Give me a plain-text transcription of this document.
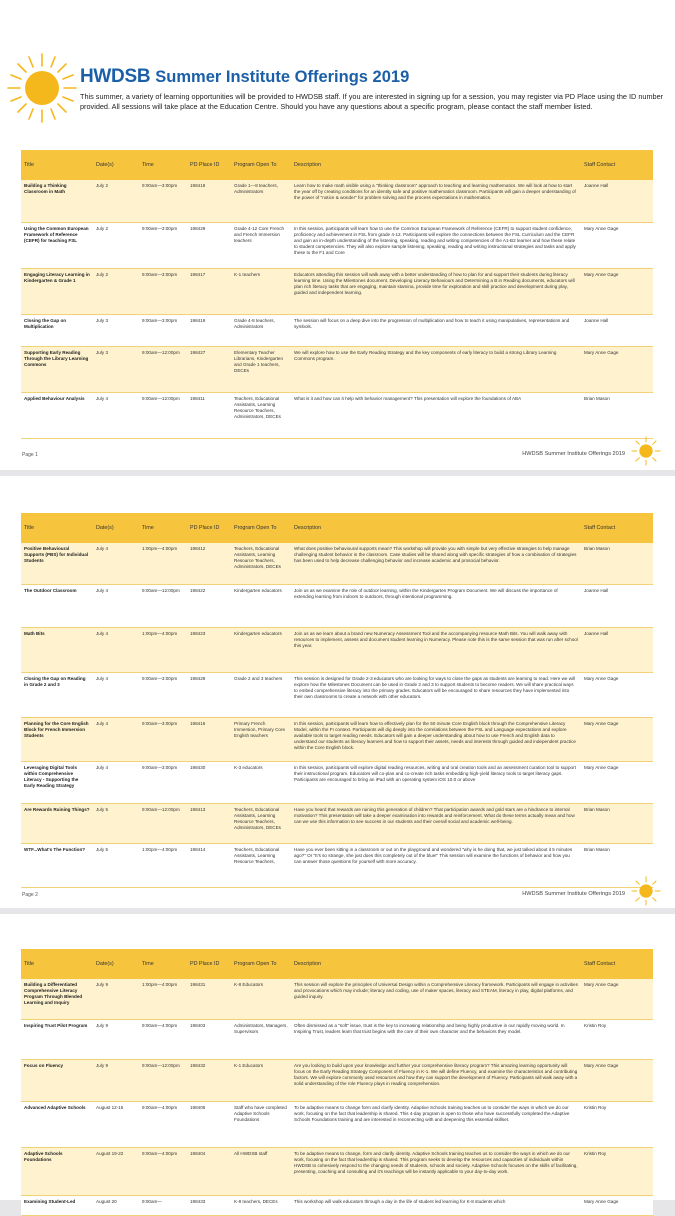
HWDSB Summer Institute Offerings 2019
This summer, a variety of learning opportunities will be provided to HWDSB staff. If you are interested in signing up for a session, you may register via PD Place using the ID number provided. All sessions will take place at the Education Centre. Should you have any questions about a specific program, please contact the staff member listed.
Title	Date(s)	Time	PD Place ID	Program Open To	Description	Staff Contact
Building a Thinking Classroom in Math	July 2	9:00am—3:00pm	198418	Grade 1—8 teachers, Administrators	Learn how to make math visible using a "thinking classroom" approach to teaching and learning mathematics. We will look at how to start the year off by creating conditions for an identity safe and positive mathematics classroom. Participants will gain a deeper understanding of the power of "notice & wonder" for problem solving and the process expectations in mathematics.	Joanne Hall
Using the Common European Framework of Reference (CEFR) for teaching FSL	July 2	9:00am—3:00pm	198429	Grade 4-12 Core French and French Immersion teachers	In this session, participants will learn how to use the Common European Framework of Reference (CEFR) to support student confidence, proficiency and achievement in FSL from grade 4-12. Participants will explore the connections between the FSL Curriculum and the CEFR and gain an in-depth understanding of the listening, speaking, reading and writing competencies of the A1-B2 learner and how these relate to student competencies. They will also explore sample listening, speaking, reading and writing instructional strategies and tasks and apply these to the F1 and Core	Mary Anne Gage
Engaging Literacy Learning in Kindergarten & Grade 1	July 2	9:00am—3:00pm	198417	K-1 teachers	Educators attending this session will walk away with a better understanding of how to plan for and support their students during literacy learning time. Using the Milestones document, Developing Literacy Behaviours and Determining a B in Reading documents, educators will plan rich literacy tasks that are engaging, maintain stamina, provide time for exploration and skill practice and development during play, guided and independent learning.	Mary Anne Gage
Closing the Gap on Multiplication	July 3	9:00am—3:00pm	198419	Grade 4-8 teachers, Administrators	The session will focus on a deep dive into the progression of multiplication and how to teach it using manipulatives, representations and symbols.	Joanne Hall
Supporting Early Reading Through the Library Learning Commons	July 3	9:00am—12:00pm	198427	Elementary Teacher Librarians, Kindergarten and Grade 1 teachers, DECEs	We will explore how to use the Early Reading Strategy and the key components of early literacy to build a strong Library Learning Commons program.	Mary Anne Gage
Applied Behaviour Analysis	July 4	9:00am—12:00pm	198411	Teachers, Educational Assistants, Learning Resource Teachers, Administrators, DECEs	What is it and how can it help with behavior management? This presentation will explore the foundations of ABA	Brian Mason
Page 1	HWDSB Summer Institute Offerings 2019
Title	Date(s)	Time	PD Place ID	Program Open To	Description	Staff Contact
Positive Behavioural Supports (PBS) for Individual Students	July 4	1:00pm—4:00pm	198412	Teachers, Educational Assistants, Learning Resource Teachers, Administrators, DECEs	What does positive behavioural supports mean? This workshop will provide you with simple but very effective strategies to help manage challenging student behavior in the classroom. Case studies will be shared along with specific strategies of how a combination of strategies has been used to help decrease challenging behavior and increase academic and prosocial behavior.	Brian Mason
The Outdoor Classroom	July 4	9:00am—12:00pm	198422	Kindergarten educators	Join us as we examine the role of outdoor learning, within the Kindergarten Program Document. We will discuss the importance of extending learning from indoors to outdoors, through intentional programming.	Joanne Hall
Math Bits	July 4	1:00pm—4:00pm	198423	Kindergarten educators	Join us as we learn about a brand new Numeracy Assessment Tool and the accompanying resource Math Bits. You will walk away with resources to implement, assess and document student learning in Numeracy. Please note this is the same session that was run after school this year.	Joanne Hall
Closing the Gap on Reading in Grade 2 and 3	July 4	9:00am—3:00pm	198428	Grade 2 and 3 teachers	This session is designed for Grade 2-3 educators who are looking for ways to close the gaps as students are learning to read. Here we will explore how the Milestones Document can be used in Grade 2 and 3 to support students to become readers. We will share practical ways to embed comprehensive literacy into the primary grades. Educators will be encouraged to share resources they have implemented into their own classrooms to create a network with other educators.	Mary Anne Gage
Planning for the Core English Block for French Immersion Students	July 4	9:00am—3:00pm	198416	Primary French Immersion, Primary Core English teachers	In this session, participants will learn how to effectively plan for the 50 minute Core English block through the Comprehensive Literacy Model, within the FI context. Participants will dig deeply into the correlations between the FSL and Language expectations and explore available tools to target reading needs. Educators will gain a deeper understanding about how to use French and English data to understand our students as literacy learners and how to support their assets, needs and interests through guided and independent practice within the Core English block.	Mary Anne Gage
Leveraging Digital Tools within Comprehensive Literacy - Supporting the Early Reading Strategy	July 4	9:00am—3:00pm	198430	K-3 educators	In this session, participants will explore digital reading resources, writing and oral creation tools and an assessment curation tool to support their instructional program. Educators will co-plan and co-create rich tasks embedding high-yield literacy tools to target literacy gaps. Participants are encouraged to bring an iPad with an operating system iOS 10.0 or above	Mary Anne Gage
Are Rewards Ruining Things?	July 5	9:00am—12:00pm	198413	Teachers, Educational Assistants, Learning Resource Teachers, Administrators, DECEs	Have you heard that rewards are ruining this generation of children? That participation awards and gold stars are a hindrance to internal motivation? This presentation will take a deeper examination into rewards and reinforcement. What do these terms actually mean and how can we use this information to see success in our students and their overall social and academic well-being.	Brian Mason
WTF...What's The Function?	July 5	1:00pm—4:00pm	198414	Teachers, Educational Assistants, Learning Resource Teachers,	Have you ever been sitting in a classroom or out on the playground and wondered "why is he doing that, we just talked about it 5 minutes ago?" Or "It's so strange, she just does this completely out of the blue!" This session will examine the functions of behavior and how you can answer those questions for yourself with more accuracy.	Brian Mason
Page 2	HWDSB Summer Institute Offerings 2019
Title	Date(s)	Time	PD Place ID	Program Open To	Description	Staff Contact
Building a Differentiated Comprehensive Literacy Program Through Blended Learning and Inquiry	July 9	1:00pm—4:00pm	198431	K-8 Educators	This session will explore the principles of Universal Design within a Comprehensive Literacy framework. Participants will engage in activities and provocations which may include; literacy and coding, use of maker spaces, literacy and STEAM, literacy in play, digital platforms, and guided inquiry.	Mary Anne Gage
Inspiring Trust Pilot Program	July 9	9:00am—4:00pm	198403	Administrators, Managers, Supervisors	Often dismissed as a "soft" issue, trust is the key to increasing relationship and being highly productive in our rapidly moving world. In Inspiring Trust, leaders learn that trust begins with the core of their own character and the behaviors they model.	Kristin Roy
Focus on Fluency	July 9	9:00am—12:00pm	198432	K-1 Educators	Are you looking to build upon your knowledge and further your comprehensive literacy program? This amazing learning opportunity will focus on the Early Reading Strategy Component of Fluency in K-1. We will define Fluency, and examine the characteristics and contributing factors. We will explore commonly used resources and how they can support the development of Fluency. Participants will walk away with a solid understanding of the role Fluency plays in reading comprehension.	Mary Anne Gage
Advanced Adaptive Schools	August 12-15	9:00am—4:00pm	198405	Staff who have completed Adaptive Schools Foundations	To be adaptive means to change form and clarify identity. Adaptive Schools training teaches us to consider the ways in which we do our work, focusing on the fact that leadership is shared. This 4-day program is open to those who have successfully completed the Adaptive Schools Foundations training and are interested in reconnecting with and deepening this essential skillset.	Kristin Roy
Adaptive Schools Foundations	August 19-22	9:00am—4:00pm	198404	All HWDSB staff	To be adaptive means to change, form and clarify identity. Adaptive Schools training teaches us to consider the ways in which we do our work, focusing on the fact that leadership is shared. This program seeks to develop the resources and capacities of individuals within HWDSB to cohesively respond to the changing needs of students, schools and society. Adaptive Schools focuses on the skills of facilitating, presenting, coaching and consulting and it's teachings will be instantly applicable to your day-to-day work.	Kristin Roy
Examining Student-Led	August 20	9:00am—	198433	K-8 teachers, DECEs	This workshop will walk educators through a day in the life of student led learning for K-8 students which	Mary Anne Gage
